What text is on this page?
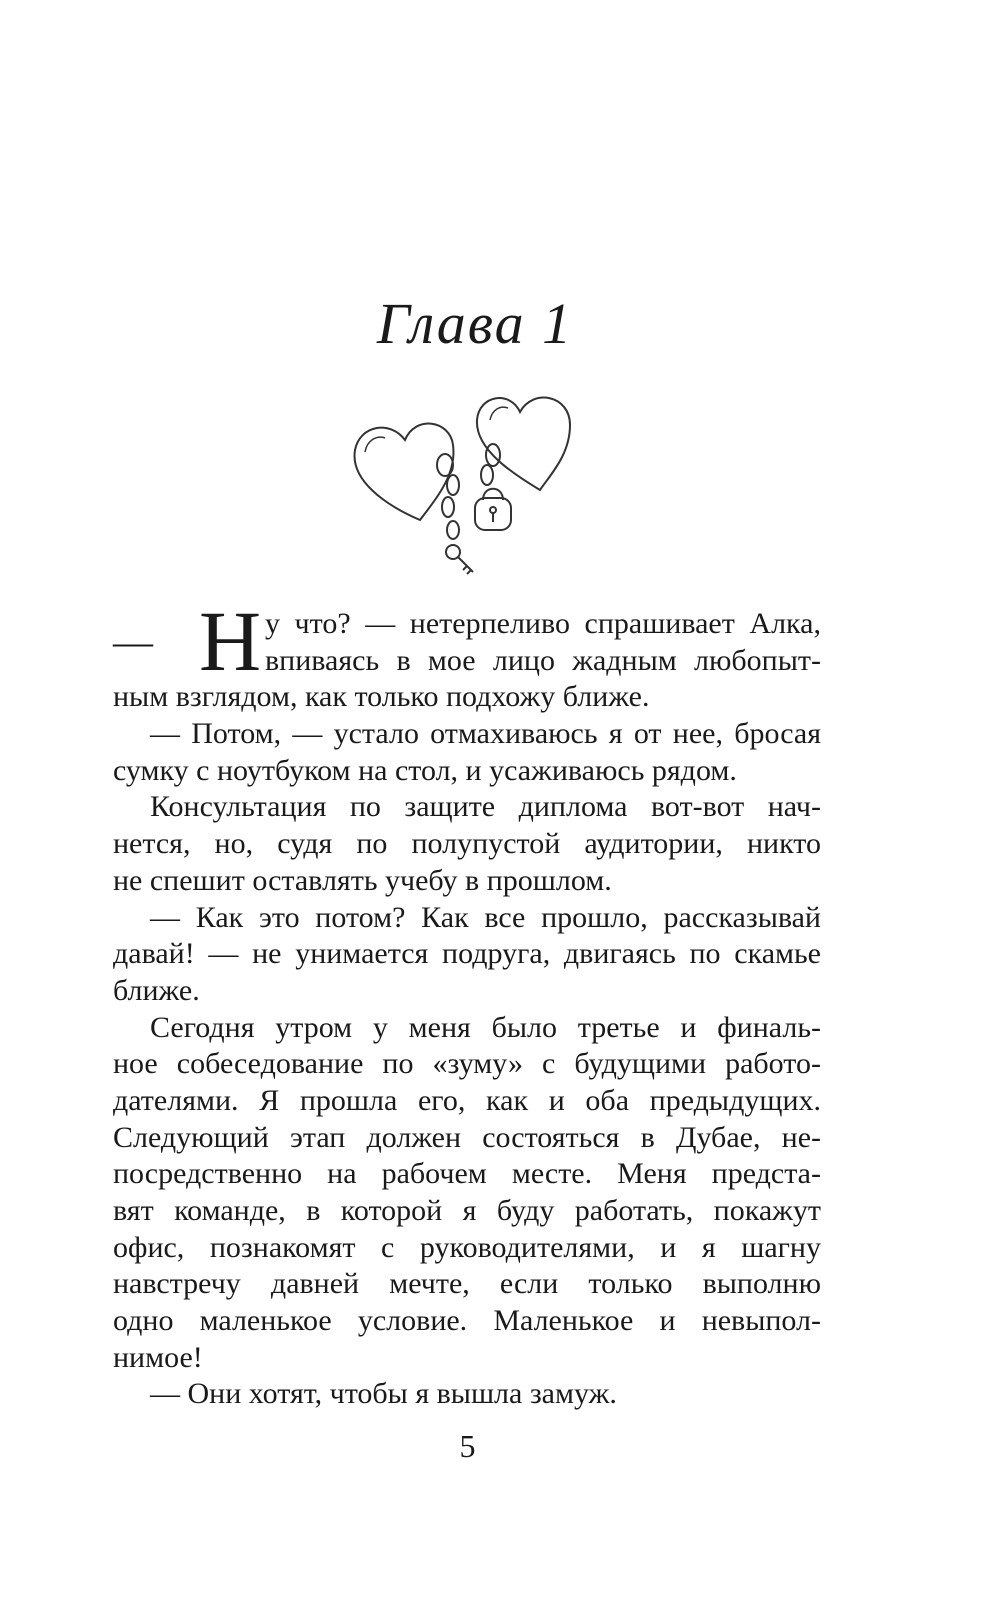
Глава 1
— Н у что? — нетерпеливо спрашивает Алка,
впиваясь в мое лицо жадным любопыт-
ным взглядом, как только подхожу ближе.
— Потом, — устало отмахиваюсь я от нее, бросая
сумку с ноутбуком на стол, и усаживаюсь рядом.
Консультация по защите диплома вот-вот нач-
нется, но, судя по полупустой аудитории, никто
не спешит оставлять учебу в прошлом.
— Как это потом? Как все прошло, рассказывай
давай! — не унимается подруга, двигаясь по скамье
ближе.
Сегодня утром у меня было третье и финаль-
ное собеседование по «зуму» с будущими работо-
дателями. Я прошла его, как и оба предыдущих.
Следующий этап должен состояться в Дубае, не-
посредственно на рабочем месте. Меня предста-
вят команде, в которой я буду работать, покажут
офис, познакомят с руководителями, и я шагну
навстречу давней мечте, если только выполню
одно маленькое условие. Маленькое и невыпол-
нимое!
— Они хотят, чтобы я вышла замуж.
5
